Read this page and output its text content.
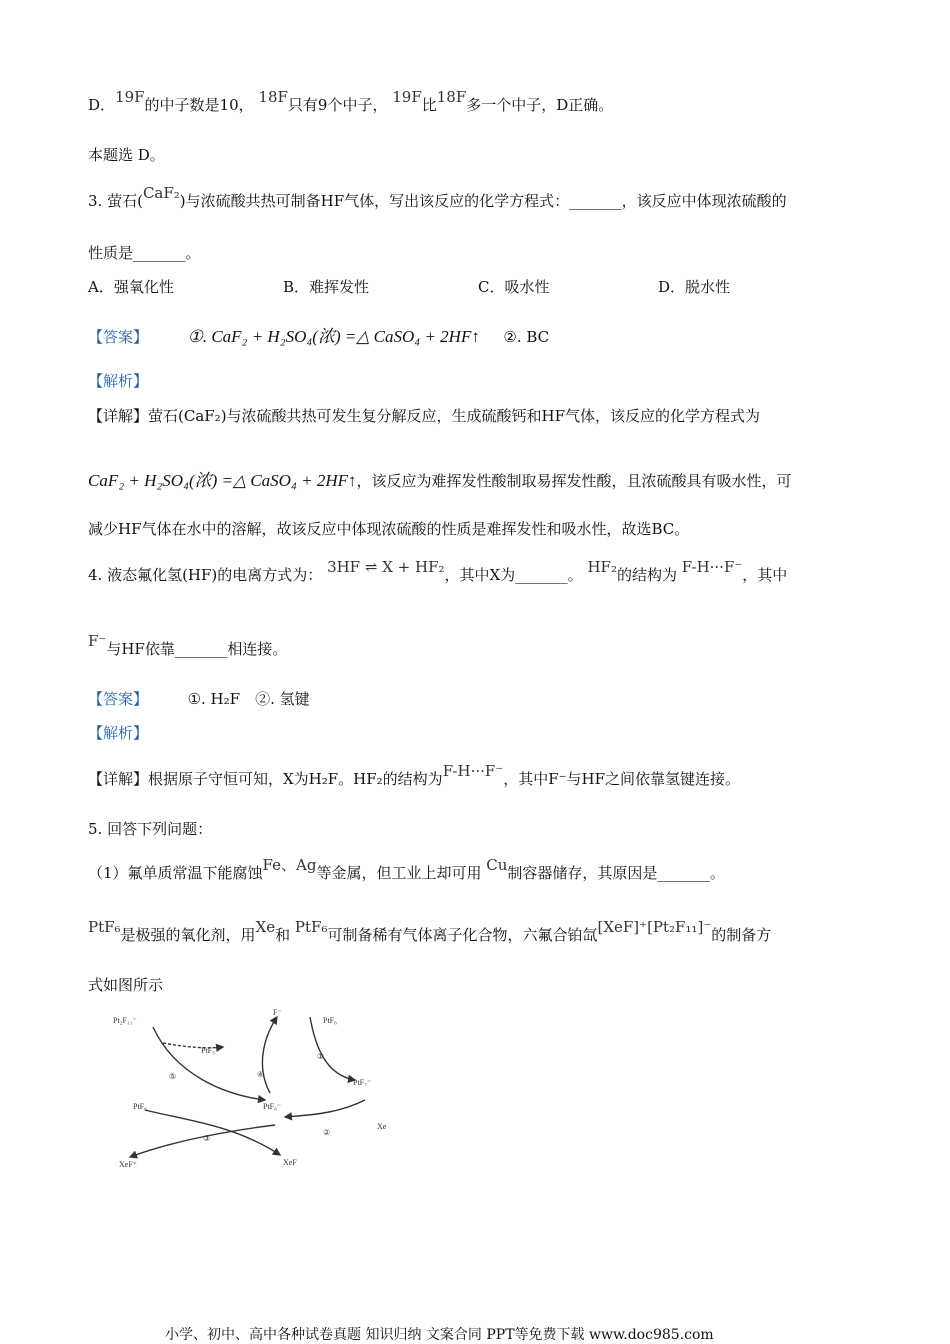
D．19F的中子数是10， 18F只有9个中子， 19F比18F多一个中子，D正确。
本题选 D。
3. 萤石(CaF₂)与浓硫酸共热可制备HF气体，写出该反应的化学方程式：_______，该反应中体现浓硫酸的
性质是_______。
A．强氧化性	B．难挥发性	C．吸水性	D．脱水性
【答案】 ①. CaF₂ + H₂SO₄(浓) =△ CaSO₄ + 2HF↑ ②. BC
【解析】
【详解】萤石(CaF₂)与浓硫酸共热可发生复分解反应，生成硫酸钙和HF气体，该反应的化学方程式为
CaF₂ + H₂SO₄(浓) =△ CaSO₄ + 2HF↑，该反应为难挥发性酸制取易挥发性酸，且浓硫酸具有吸水性，可
减少HF气体在水中的溶解，故该反应中体现浓硫酸的性质是难挥发性和吸水性，故选BC。
4. 液态氟化氢(HF)的电离方式为： 3HF ⇌ X + HF₂，其中X为_______。 HF₂的结构为 F-H···F⁻，其中
F⁻与HF依靠_______相连接。
【答案】	①. H₂F　②. 氢键
【解析】
【详解】根据原子守恒可知，X为H₂F。HF₂的结构为F-H···F⁻，其中F⁻与HF之间依靠氢键连接。
5. 回答下列问题：
（1）氟单质常温下能腐蚀Fe、Ag等金属，但工业上却可用 Cu制容器储存，其原因是_______。
PtF₆是极强的氧化剂，用Xe和 PtF₆可制备稀有气体离子化合物，六氟合铂氙[XeF]⁺[Pt₂F₁₁]⁻的制备方
式如图所示
Pt₂F₁₁⁻
F⁻
PtF₆
PtF₅
PtF₇⁻
PtF₆⁻
PtF₆
Xe
XeF⁺	XeF
①
②
③
④
⑤
小学、初中、高中各种试卷真题 知识归纳 文案合同 PPT等免费下载 www.doc985.com
